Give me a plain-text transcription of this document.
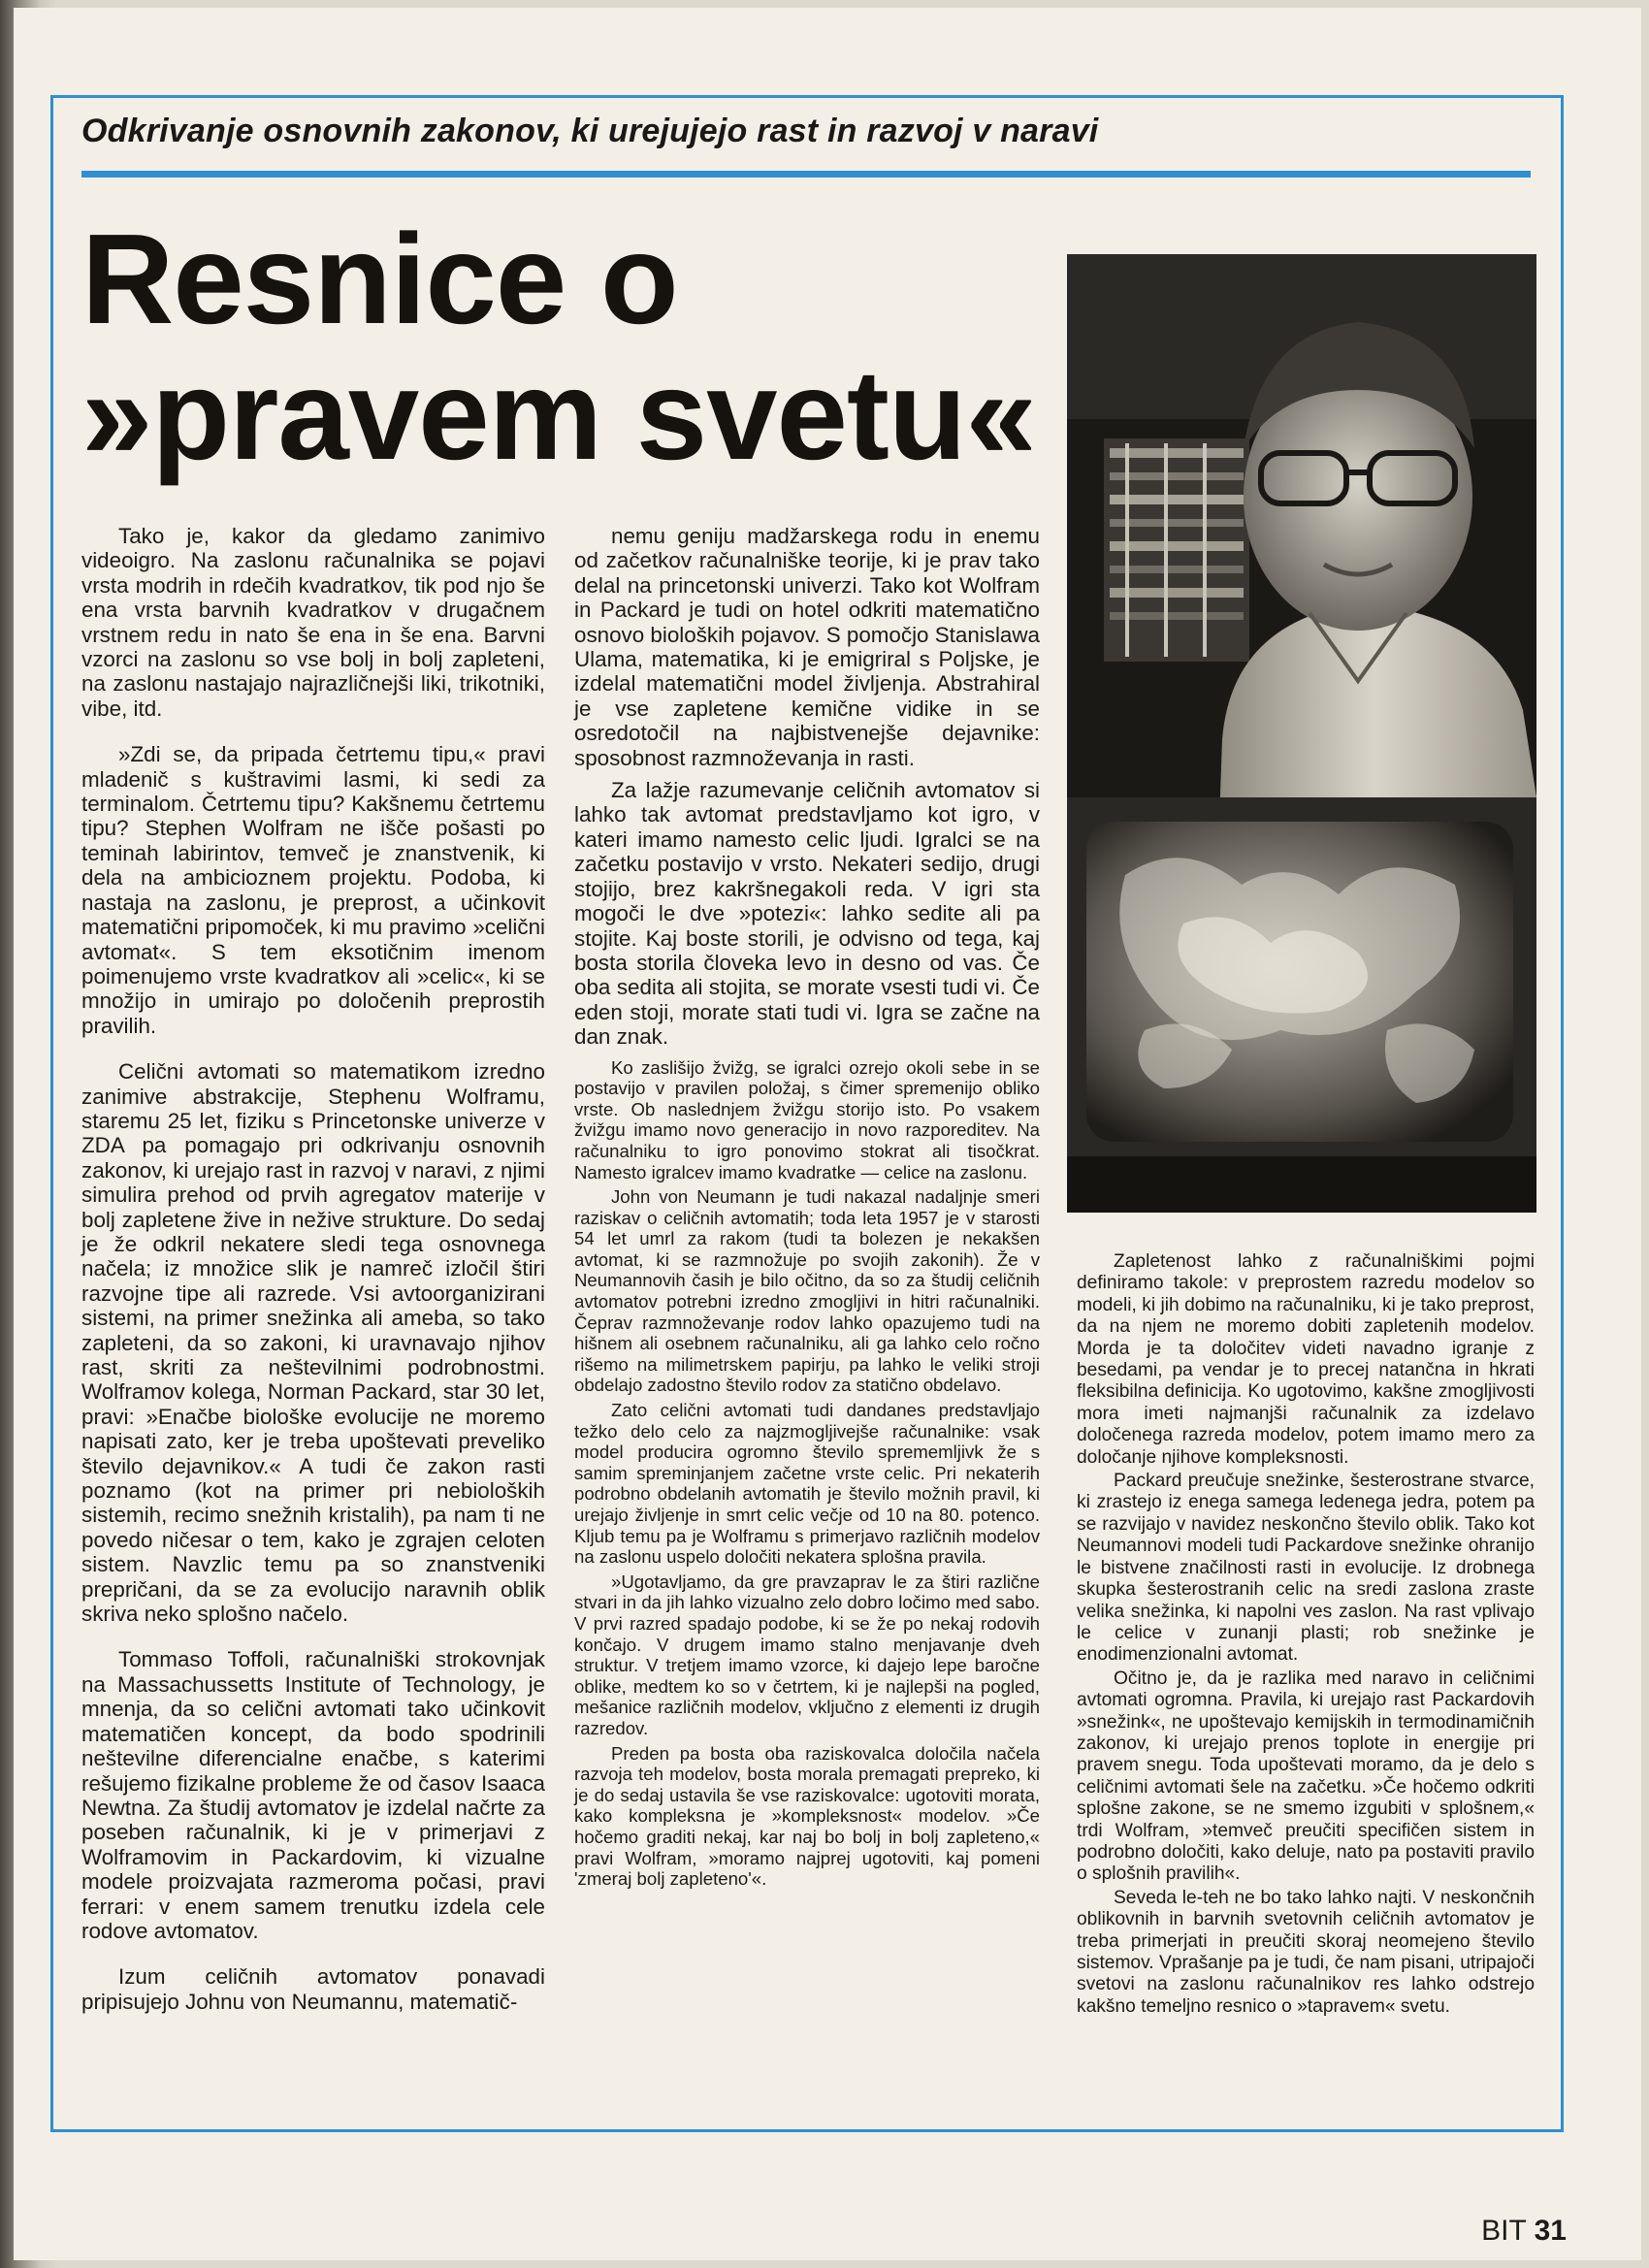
Odkrivanje osnovnih zakonov, ki urejujejo rast in razvoj v naravi
Resnice o
»pravem svetu«

Tako je, kakor da gledamo zanimivo videoigro. Na zaslonu računalnika se pojavi vrsta modrih in rdečih kvadratkov, tik pod njo še ena vrsta barvnih kvadratkov v drugačnem vrstnem redu in nato še ena in še ena. Barvni vzorci na zaslonu so vse bolj in bolj zapleteni, na zaslonu nastajajo najrazličnejši liki, trikotniki, vibe, itd.

»Zdi se, da pripada četrtemu tipu,« pravi mladenič s kuštravimi lasmi, ki sedi za terminalom. Četrtemu tipu? Kakšnemu četrtemu tipu? Stephen Wolfram ne išče pošasti po teminah labirintov, temveč je znanstvenik, ki dela na ambicioznem projektu. Podoba, ki nastaja na zaslonu, je preprost, a učinkovit matematični pripomoček, ki mu pravimo »celični avtomat«. S tem eksotičnim imenom poimenujemo vrste kvadratkov ali »celic«, ki se množijo in umirajo po določenih preprostih pravilih.

Celični avtomati so matematikom izredno zanimive abstrakcije, Stephenu Wolframu, staremu 25 let, fiziku s Princetonske univerze v ZDA pa pomagajo pri odkrivanju osnovnih zakonov, ki urejajo rast in razvoj v naravi, z njimi simulira prehod od prvih agregatov materije v bolj zapletene žive in nežive strukture. Do sedaj je že odkril nekatere sledi tega osnovnega načela; iz množice slik je namreč izločil štiri razvojne tipe ali razrede. Vsi avtoorganizirani sistemi, na primer snežinka ali ameba, so tako zapleteni, da so zakoni, ki uravnavajo njihov rast, skriti za neštevilnimi podrobnostmi. Wolframov kolega, Norman Packard, star 30 let, pravi: »Enačbe biološke evolucije ne moremo napisati zato, ker je treba upoštevati preveliko število dejavnikov.« A tudi če zakon rasti poznamo (kot na primer pri nebioloških sistemih, recimo snežnih kristalih), pa nam ti ne povedo ničesar o tem, kako je zgrajen celoten sistem. Navzlic temu pa so znanstveniki prepričani, da se za evolucijo naravnih oblik skriva neko splošno načelo.

Tommaso Toffoli, računalniški strokovnjak na Massachussetts Institute of Technology, je mnenja, da so celični avtomati tako učinkovit matematičen koncept, da bodo spodrinili neštevilne diferencialne enačbe, s katerimi rešujemo fizikalne probleme že od časov Isaaca Newtna. Za študij avtomatov je izdelal načrte za poseben računalnik, ki je v primerjavi z Wolframovim in Packardovim, ki vizualne modele proizvajata razmeroma počasi, pravi ferrari: v enem samem trenutku izdela cele rodove avtomatov.

Izum celičnih avtomatov ponavadi pripisujejo Johnu von Neumannu, matematič-

nemu geniju madžarskega rodu in enemu od začetkov računalniške teorije, ki je prav tako delal na princetonski univerzi. Tako kot Wolfram in Packard je tudi on hotel odkriti matematično osnovo bioloških pojavov. S pomočjo Stanislawa Ulama, matematika, ki je emigriral s Poljske, je izdelal matematični model življenja. Abstrahiral je vse zapletene kemične vidike in se osredotočil na najbistvenejše dejavnike: sposobnost razmnoževanja in rasti.

Za lažje razumevanje celičnih avtomatov si lahko tak avtomat predstavljamo kot igro, v kateri imamo namesto celic ljudi. Igralci se na začetku postavijo v vrsto. Nekateri sedijo, drugi stojijo, brez kakršnegakoli reda. V igri sta mogoči le dve »potezi«: lahko sedite ali pa stojite. Kaj boste storili, je odvisno od tega, kaj bosta storila človeka levo in desno od vas. Če oba sedita ali stojita, se morate vsesti tudi vi. Če eden stoji, morate stati tudi vi. Igra se začne na dan znak.

Ko zaslišijo žvižg, se igralci ozrejo okoli sebe in se postavijo v pravilen položaj, s čimer spremenijo obliko vrste. Ob naslednjem žvižgu storijo isto. Po vsakem žvižgu imamo novo generacijo in novo razporeditev. Na računalniku to igro ponovimo stokrat ali tisočkrat. Namesto igralcev imamo kvadratke — celice na zaslonu.

John von Neumann je tudi nakazal nadaljnje smeri raziskav o celičnih avtomatih; toda leta 1957 je v starosti 54 let umrl za rakom (tudi ta bolezen je nekakšen avtomat, ki se razmnožuje po svojih zakonih). Že v Neumannovih časih je bilo očitno, da so za študij celičnih avtomatov potrebni izredno zmogljivi in hitri računalniki. Čeprav razmnoževanje rodov lahko opazujemo tudi na hišnem ali osebnem računalniku, ali ga lahko celo ročno rišemo na milimetrskem papirju, pa lahko le veliki stroji obdelajo zadostno število rodov za statično obdelavo.

Zato celični avtomati tudi dandanes predstavljajo težko delo celo za najzmogljivejše računalnike: vsak model producira ogromno število sprememljivk že s samim spreminjanjem začetne vrste celic. Pri nekaterih podrobno obdelanih avtomatih je število možnih pravil, ki urejajo življenje in smrt celic večje od 10 na 80. potenco. Kljub temu pa je Wolframu s primerjavo različnih modelov na zaslonu uspelo določiti nekatera splošna pravila.

»Ugotavljamo, da gre pravzaprav le za štiri različne stvari in da jih lahko vizualno zelo dobro ločimo med sabo. V prvi razred spadajo podobe, ki se že po nekaj rodovih končajo. V drugem imamo stalno menjavanje dveh struktur. V tretjem imamo vzorce, ki dajejo lepe baročne oblike, medtem ko so v četrtem, ki je najlepši na pogled, mešanice različnih modelov, vključno z elementi iz drugih razredov.

Preden pa bosta oba raziskovalca določila načela razvoja teh modelov, bosta morala premagati prepreko, ki je do sedaj ustavila še vse raziskovalce: ugotoviti morata, kako kompleksna je »kompleksnost« modelov. »Če hočemo graditi nekaj, kar naj bo bolj in bolj zapleteno,« pravi Wolfram, »moramo najprej ugotoviti, kaj pomeni 'zmeraj bolj zapleteno'«.

Zapletenost lahko z računalniškimi pojmi definiramo takole: v preprostem razredu modelov so modeli, ki jih dobimo na računalniku, ki je tako preprost, da na njem ne moremo dobiti zapletenih modelov. Morda je ta določitev videti navadno igranje z besedami, pa vendar je to precej natančna in hkrati fleksibilna definicija. Ko ugotovimo, kakšne zmogljivosti mora imeti najmanjši računalnik za izdelavo določenega razreda modelov, potem imamo mero za določanje njihove kompleksnosti.

Packard preučuje snežinke, šesterostrane stvarce, ki zrastejo iz enega samega ledenega jedra, potem pa se razvijajo v navidez neskončno število oblik. Tako kot Neumannovi modeli tudi Packardove snežinke ohranijo le bistvene značilnosti rasti in evolucije. Iz drobnega skupka šesterostranih celic na sredi zaslona zraste velika snežinka, ki napolni ves zaslon. Na rast vplivajo le celice v zunanji plasti; rob snežinke je enodimenzionalni avtomat.

Očitno je, da je razlika med naravo in celičnimi avtomati ogromna. Pravila, ki urejajo rast Packardovih »snežink«, ne upoštevajo kemijskih in termodinamičnih zakonov, ki urejajo prenos toplote in energije pri pravem snegu. Toda upoštevati moramo, da je delo s celičnimi avtomati šele na začetku. »Če hočemo odkriti splošne zakone, se ne smemo izgubiti v splošnem,« trdi Wolfram, »temveč preučiti specifičen sistem in podrobno določiti, kako deluje, nato pa postaviti pravilo o splošnih pravilih«.

Seveda le-teh ne bo tako lahko najti. V neskončnih oblikovnih in barvnih svetovnih celičnih avtomatov je treba primerjati in preučiti skoraj neomejeno število sistemov. Vprašanje pa je tudi, če nam pisani, utripajoči svetovi na zaslonu računalnikov res lahko odstrejo kakšno temeljno resnico o »tapravem« svetu.

BIT 31
